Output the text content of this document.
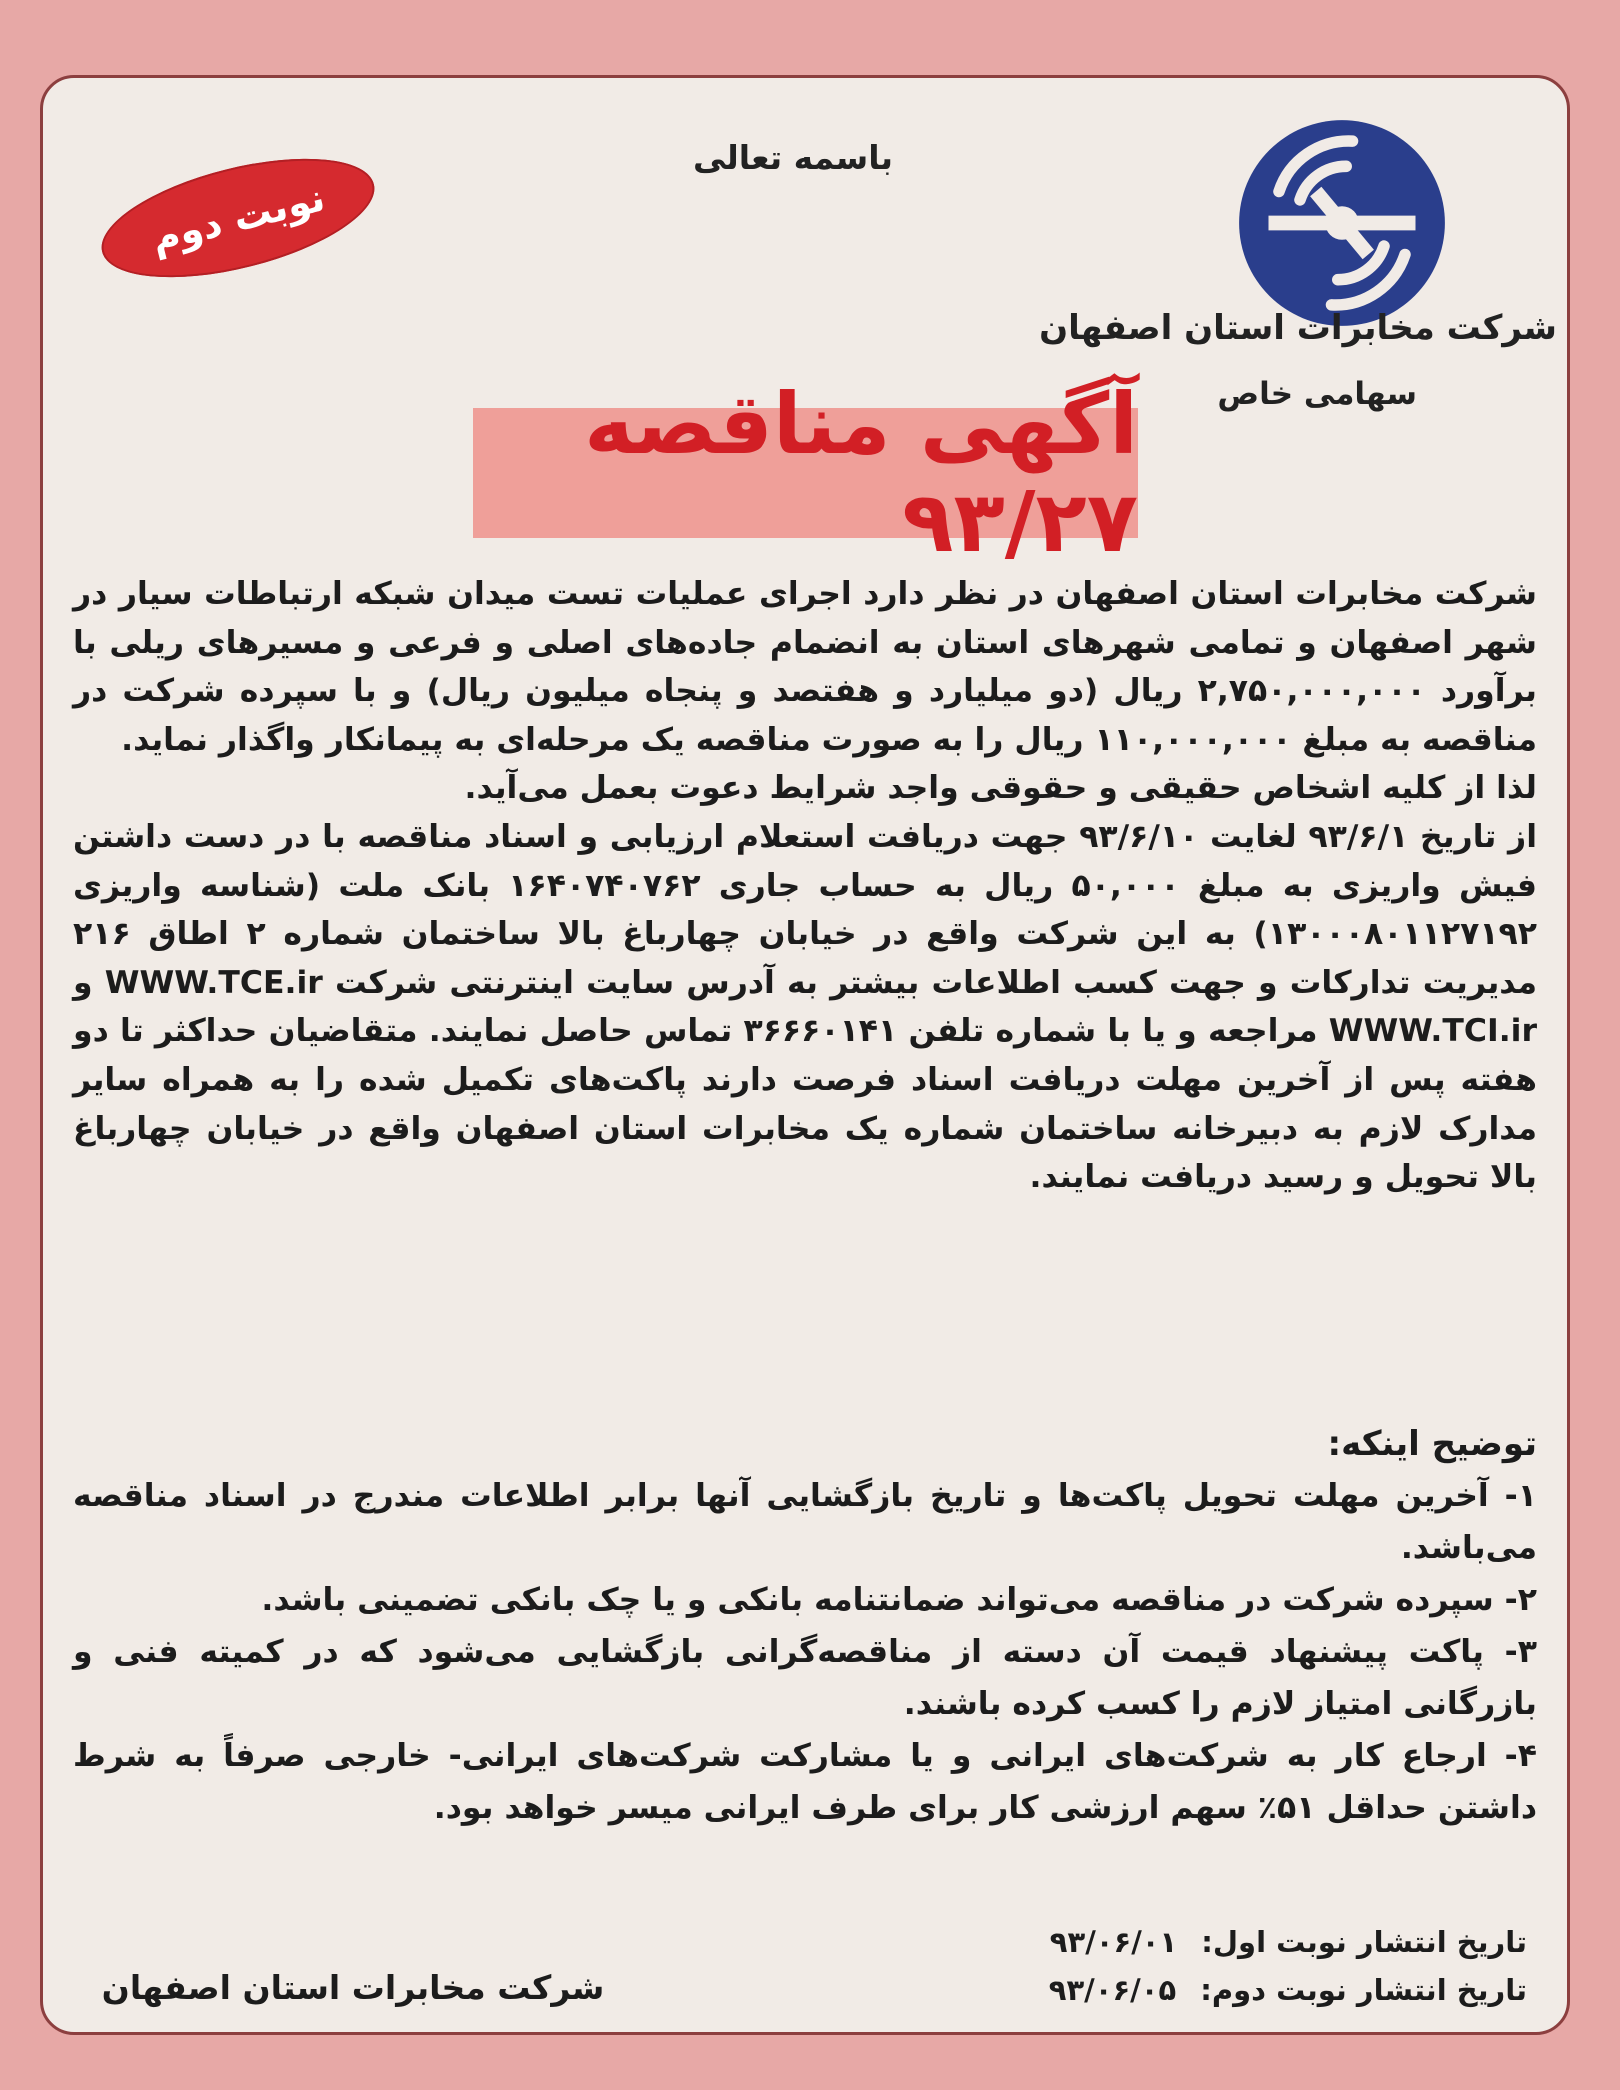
شرکت مخابرات استان اصفهان
سهامی خاص
باسمه تعالی
نوبت دوم
آگهی مناقصه ۹۳/۲۷

شرکت مخابرات استان اصفهان در نظر دارد اجرای عملیات تست میدان شبکه ارتباطات سیار در شهر اصفهان و تمامی شهرهای استان به انضمام جاده‌های اصلی و فرعی و مسیرهای ریلی با برآورد ۲,۷۵۰,۰۰۰,۰۰۰ ریال (دو میلیارد و هفتصد و پنجاه میلیون ریال) و با سپرده شرکت در مناقصه به مبلغ ۱۱۰,۰۰۰,۰۰۰ ریال را به صورت مناقصه یک مرحله‌ای به پیمانکار واگذار نماید.

لذا از کلیه اشخاص حقیقی و حقوقی واجد شرایط دعوت بعمل می‌آید.

از تاریخ ۹۳/۶/۱ لغایت ۹۳/۶/۱۰ جهت دریافت استعلام ارزیابی و اسناد مناقصه با در دست داشتن فیش واریزی به مبلغ ۵۰,۰۰۰ ریال به حساب جاری ۱۶۴۰۷۴۰۷۶۲ بانک ملت (شناسه واریزی ۱۳۰۰۰۸۰۱۱۲۷۱۹۲) به این شرکت واقع در خیابان چهارباغ بالا ساختمان شماره ۲ اطاق ۲۱۶ مدیریت تدارکات و جهت کسب اطلاعات بیشتر به آدرس سایت اینترنتی شرکت WWW.TCE.ir و WWW.TCI.ir مراجعه و یا با شماره تلفن ۳۶۶۶۰۱۴۱ تماس حاصل نمایند. متقاضیان حداکثر تا دو هفته پس از آخرین مهلت دریافت اسناد فرصت دارند پاکت‌های تکمیل شده را به همراه سایر مدارک لازم به دبیرخانه ساختمان شماره یک مخابرات استان اصفهان واقع در خیابان چهارباغ بالا تحویل و رسید دریافت نمایند.

توضیح اینکه:

۱- آخرین مهلت تحویل پاکت‌ها و تاریخ بازگشایی آنها برابر اطلاعات مندرج در اسناد مناقصه می‌باشد.

۲- سپرده شرکت در مناقصه می‌تواند ضمانتنامه بانکی و یا چک بانکی تضمینی باشد.

۳- پاکت پیشنهاد قیمت آن دسته از مناقصه‌گرانی بازگشایی می‌شود که در کمیته فنی و بازرگانی امتیاز لازم را کسب کرده باشند.

۴- ارجاع کار به شرکت‌های ایرانی و یا مشارکت شرکت‌های ایرانی- خارجی صرفاً به شرط داشتن حداقل ۵۱٪ سهم ارزشی کار برای طرف ایرانی میسر خواهد بود.

تاریخ انتشار نوبت اول: ۹۳/۰۶/۰۱
تاریخ انتشار نوبت دوم: ۹۳/۰۶/۰۵
شرکت مخابرات استان اصفهان
